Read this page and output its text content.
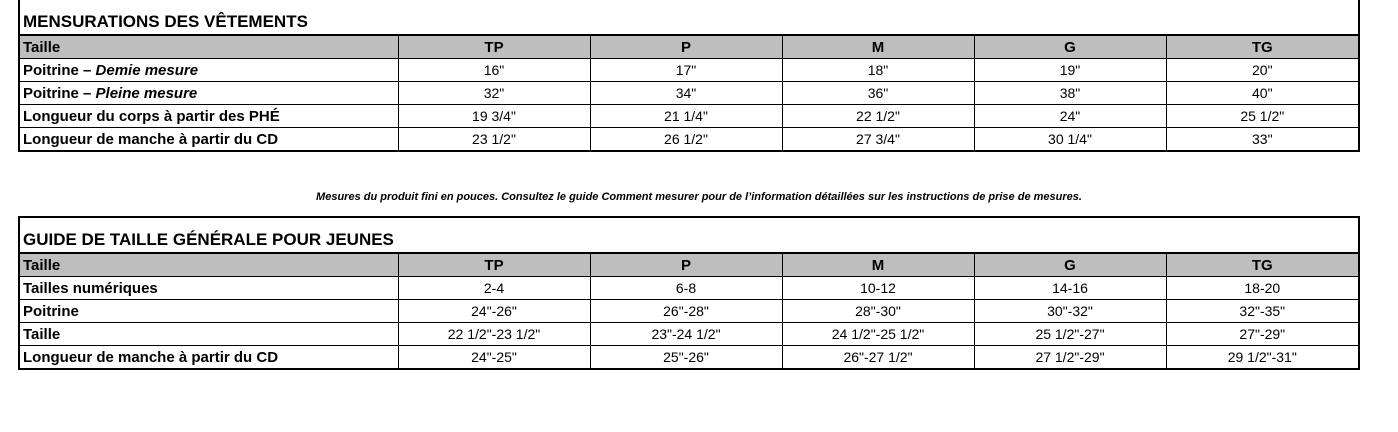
MENSURATIONS DES VÊTEMENTS					
Taille	TP	P	M	G	TG
Poitrine – Demie mesure	16"	17"	18"	19"	20"
Poitrine – Pleine mesure	32"	34"	36"	38"	40"
Longueur du corps à partir des PHÉ	19 3/4"	21 1/4"	22 1/2"	24"	25 1/2"
Longueur de manche à partir du CD	23 1/2"	26 1/2"	27 3/4"	30 1/4"	33"
Mesures du produit fini en pouces. Consultez le guide Comment mesurer pour de l’information détaillées sur les instructions de prise de mesures.
GUIDE DE TAILLE GÉNÉRALE POUR JEUNES					
Taille	TP	P	M	G	TG
Tailles numériques	2-4	6-8	10-12	14-16	18-20
Poitrine	24"-26"	26"-28"	28"-30"	30"-32"	32"-35"
Taille	22 1/2"-23 1/2"	23"-24 1/2"	24 1/2"-25 1/2"	25 1/2"-27"	27"-29"
Longueur de manche à partir du CD	24"-25"	25"-26"	26"-27 1/2"	27 1/2"-29"	29 1/2"-31"
